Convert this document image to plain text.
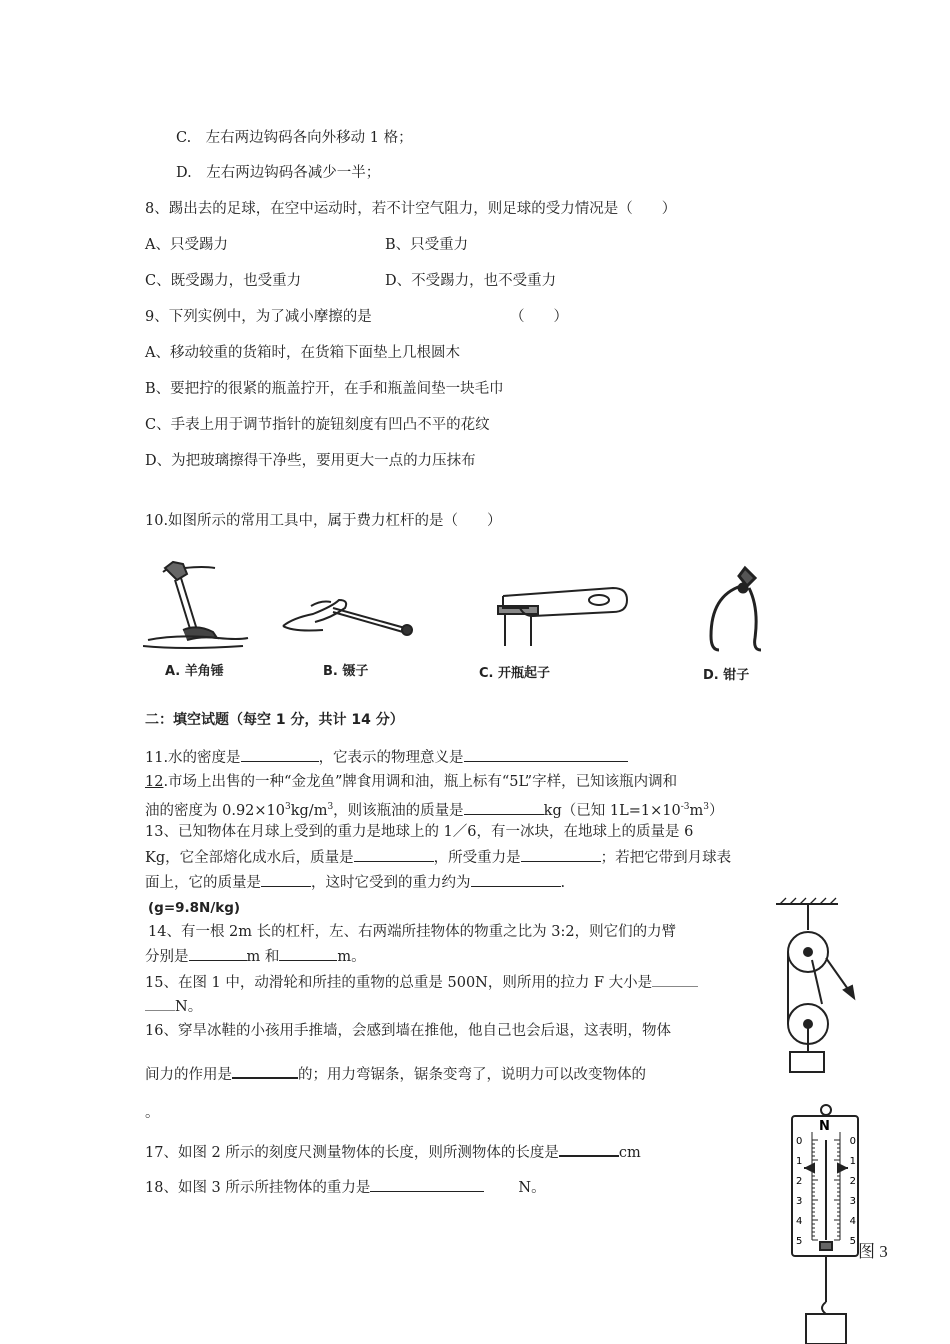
C.　左右两边钩码各向外移动 1 格；
D.　左右两边钩码各减少一半；
8、踢出去的足球，在空中运动时，若不计空气阻力，则足球的受力情况是（　　）
A、只受踢力	B、只受重力
C、既受踢力，也受重力	D、不受踢力，也不受重力
9、下列实例中，为了减小摩擦的是	（　　）
A、移动较重的货箱时，在货箱下面垫上几根圆木
B、要把拧的很紧的瓶盖拧开，在手和瓶盖间垫一块毛巾
C、手表上用于调节指针的旋钮刻度有凹凸不平的花纹
D、为把玻璃擦得干净些，要用更大一点的力压抹布
10.如图所示的常用工具中，属于费力杠杆的是（　　）
A. 羊角锤	B. 镊子	C. 开瓶起子	D. 钳子
二：填空试题（每空 1 分，共计 14 分）
11.水的密度是	，它表示的物理意义是
12.市场上出售的一种“金龙鱼”牌食用调和油，瓶上标有“5L”字样，已知该瓶内调和
油的密度为 $0.92\times 10^3kg/m^3$，则该瓶油的质量是	kg（已知 $1L=1\times 10^{-3}m^3$）
13、已知物体在月球上受到的重力是地球上的 1／6，有一冰块，在地球上的质量是 6
Kg，它全部熔化成水后，质量是	，所受重力是	；若把它带到月球表
面上，它的质量是	，这时它受到的重力约为	.
(g=9.8N/kg)
14、有一根 2m 长的杠杆，左、右两端所挂物体的物重之比为 3:2，则它们的力臂
分别是	m 和	m。
15、在图 1 中，动滑轮和所挂的重物的总重是 500N，则所用的拉力 F 大小是
N。
16、穿旱冰鞋的小孩用手推墙，会感到墙在推他，他自己也会后退，这表明，物体
间力的作用是	的；用力弯锯条，锯条变弯了，说明力可以改变物体的
。
17、如图 2 所示的刻度尺测量物体的长度，则所测物体的长度是	cm
18、如图 3 所示所挂物体的重力是	N。
0	0
1	1
2	2
3	3
4	4
5	5
N
图 3
